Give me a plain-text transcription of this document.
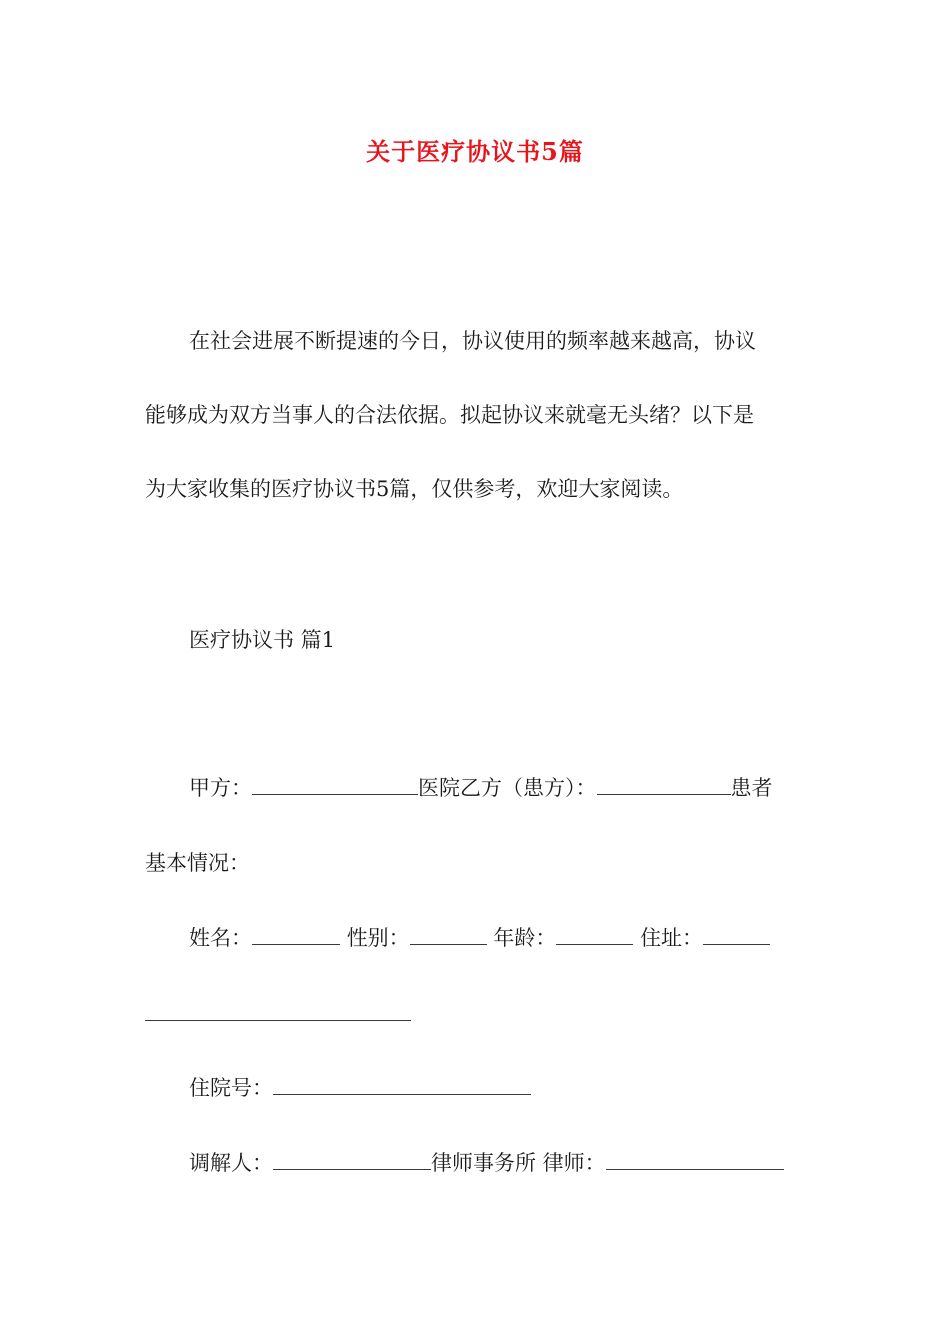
关于医疗协议书5篇
在社会进展不断提速的今日，协议使用的频率越来越高，协议
能够成为双方当事人的合法依据。拟起协议来就毫无头绪？以下是
为大家收集的医疗协议书5篇，仅供参考，欢迎大家阅读。
医疗协议书 篇1
甲方：	医院乙方（患方）：	患者
基本情况：
姓名：	性别：	年龄：	住址：
住院号：
调解人：	律师事务所 律师：
